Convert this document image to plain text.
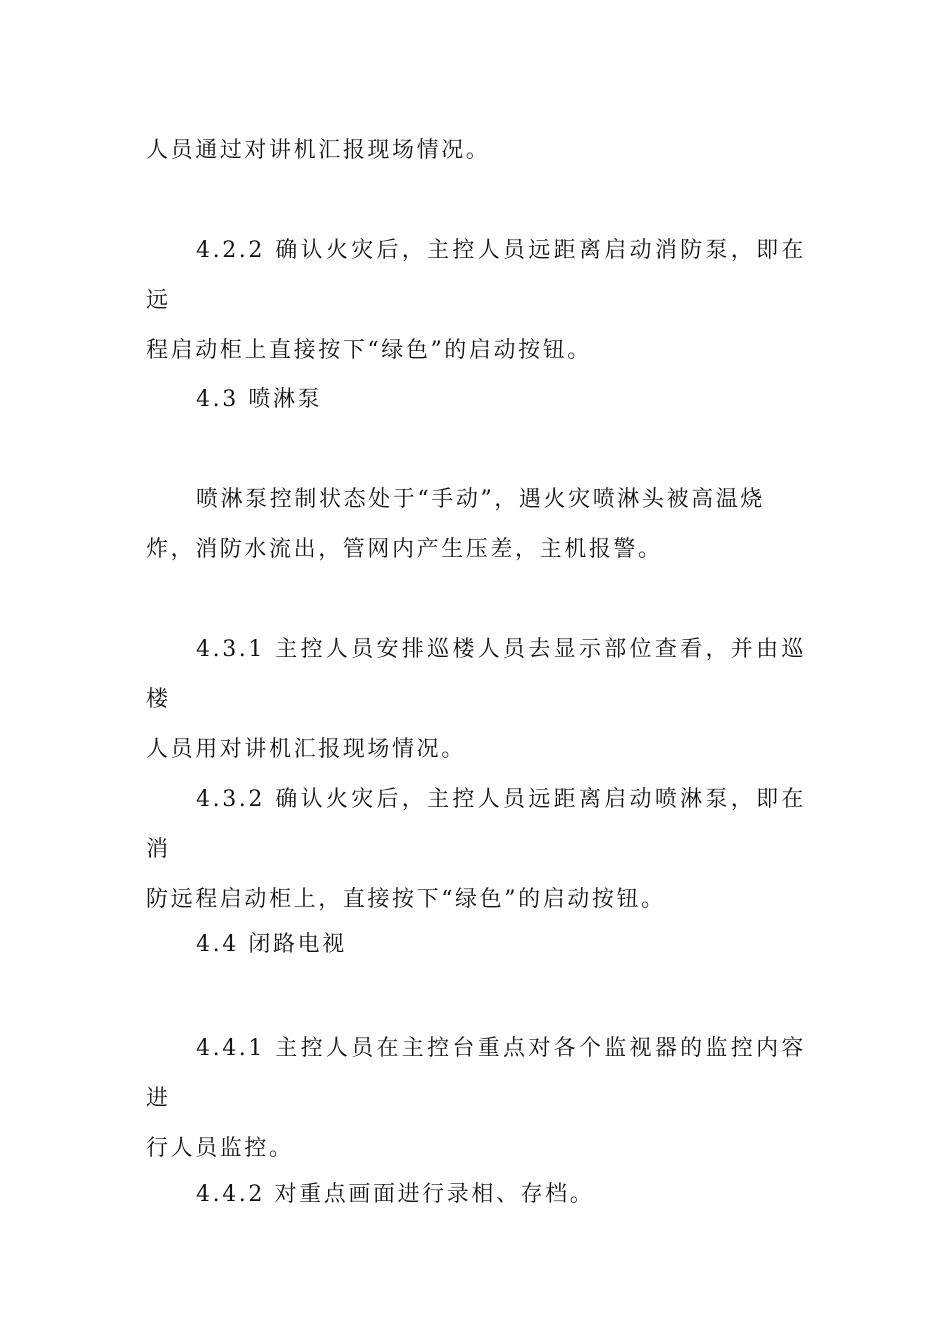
人员通过对讲机汇报现场情况。

4.2.2 确认火灾后，主控人员远距离启动消防泵，即在远
程启动柜上直接按下“绿色”的启动按钮。

4.3 喷淋泵

喷淋泵控制状态处于“手动”，遇火灾喷淋头被高温烧
炸，消防水流出，管网内产生压差，主机报警。

4.3.1 主控人员安排巡楼人员去显示部位查看，并由巡楼
人员用对讲机汇报现场情况。

4.3.2 确认火灾后，主控人员远距离启动喷淋泵，即在消
防远程启动柜上，直接按下“绿色”的启动按钮。

4.4 闭路电视

4.4.1 主控人员在主控台重点对各个监视器的监控内容进
行人员监控。

4.4.2 对重点画面进行录相、存档。
